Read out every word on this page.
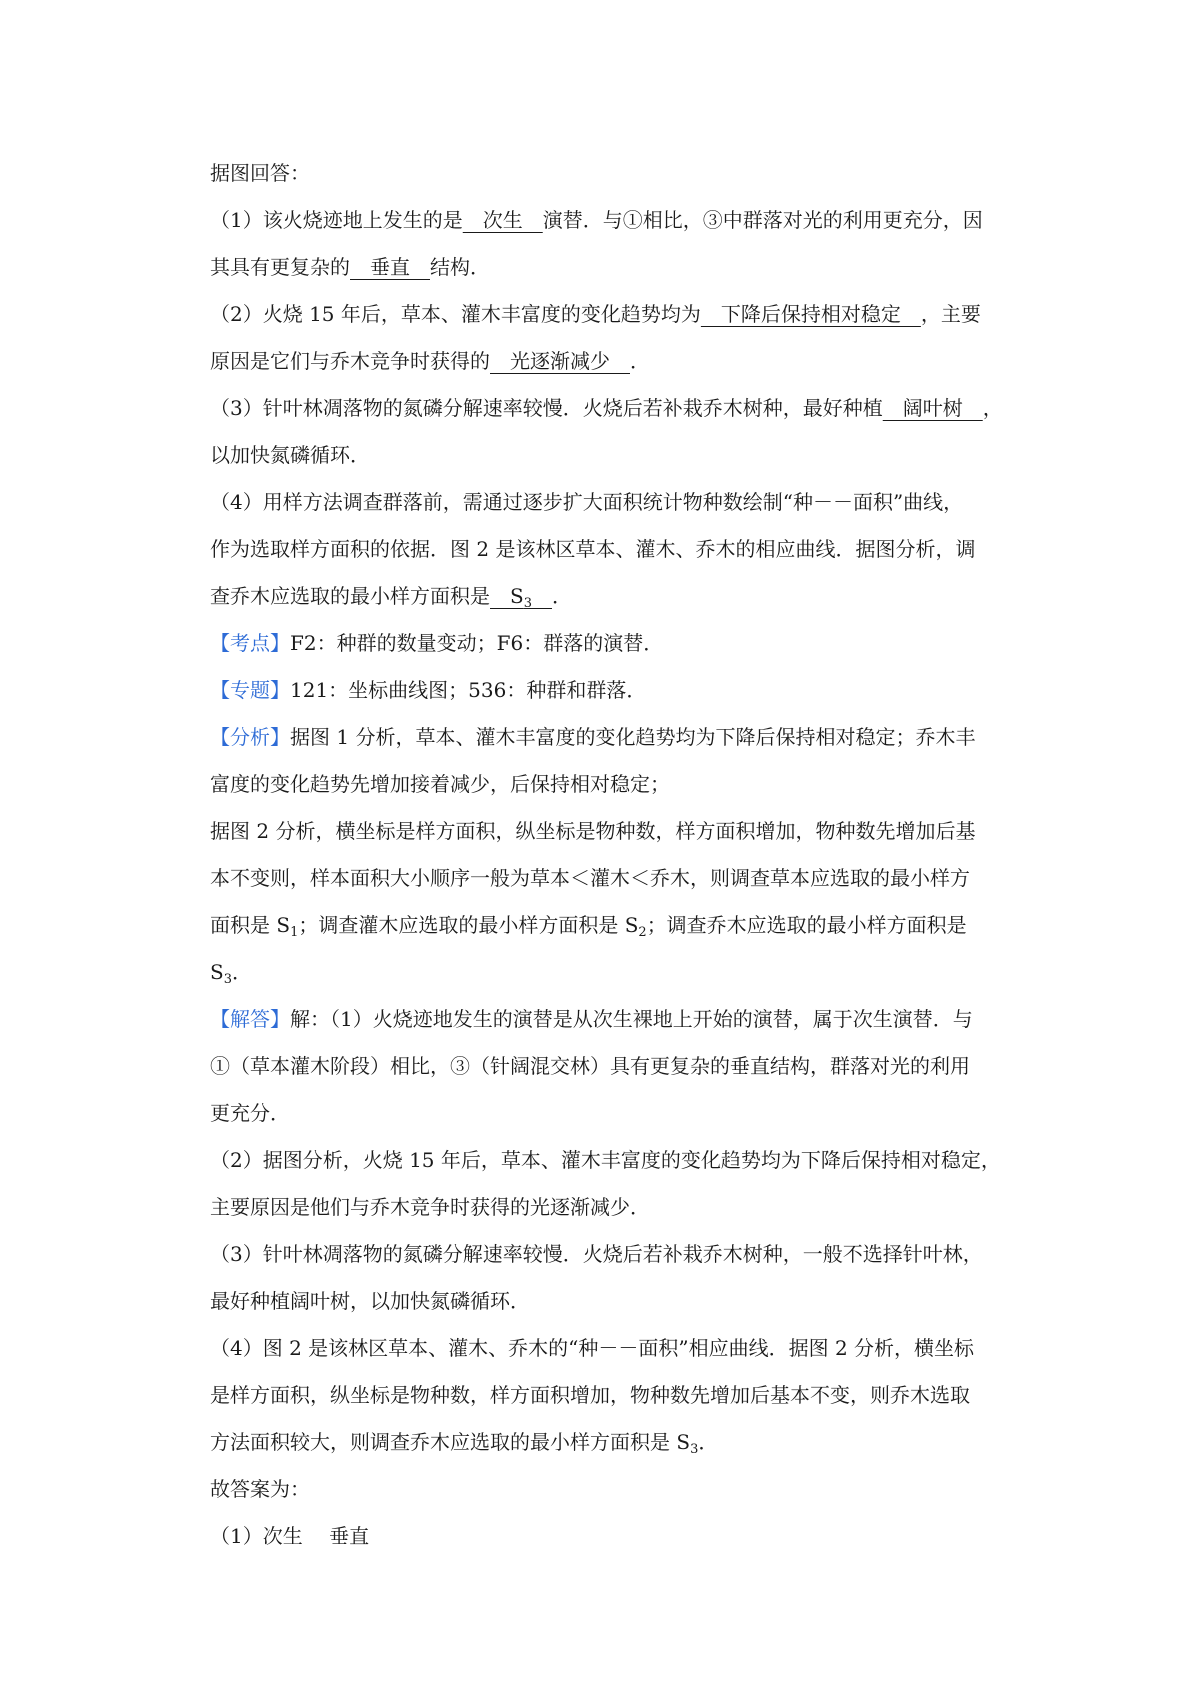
据图回答：
（1）该火烧迹地上发生的是　次生　演替．与①相比，③中群落对光的利用更充分，因
其具有更复杂的　垂直　结构．
（2）火烧 15 年后，草本、灌木丰富度的变化趋势均为　下降后保持相对稳定　，主要
原因是它们与乔木竞争时获得的　光逐渐减少　．
（3）针叶林凋落物的氮磷分解速率较慢．火烧后若补栽乔木树种，最好种植　阔叶树　，
以加快氮磷循环．
（4）用样方法调查群落前，需通过逐步扩大面积统计物种数绘制“种－－面积”曲线，
作为选取样方面积的依据．图 2 是该林区草本、灌木、乔木的相应曲线．据图分析，调
查乔木应选取的最小样方面积是　$S_3$　 ．
【考点】F2：种群的数量变动；F6：群落的演替．
【专题】121：坐标曲线图；536：种群和群落．
【分析】据图 1 分析，草本、灌木丰富度的变化趋势均为下降后保持相对稳定；乔木丰
富度的变化趋势先增加接着减少，后保持相对稳定；
据图 2 分析，横坐标是样方面积，纵坐标是物种数，样方面积增加，物种数先增加后基
本不变则，样本面积大小顺序一般为草本＜灌木＜乔木，则调查草本应选取的最小样方
面积是 $S_1$；调查灌木应选取的最小样方面积是 $S_2$；调查乔木应选取的最小样方面积是
$S_3$．
【解答】解：（1）火烧迹地发生的演替是从次生裸地上开始的演替，属于次生演替．与
①（草本灌木阶段）相比，③（针阔混交林）具有更复杂的垂直结构，群落对光的利用
更充分．
（2）据图分析，火烧 15 年后，草本、灌木丰富度的变化趋势均为下降后保持相对稳定，
主要原因是他们与乔木竞争时获得的光逐渐减少．
（3）针叶林凋落物的氮磷分解速率较慢．火烧后若补栽乔木树种，一般不选择针叶林，
最好种植阔叶树，以加快氮磷循环．
（4）图 2 是该林区草本、灌木、乔木的“种－－面积”相应曲线．据图 2 分析，横坐标
是样方面积，纵坐标是物种数，样方面积增加，物种数先增加后基本不变，则乔木选取
方法面积较大，则调查乔木应选取的最小样方面积是 $S_3$．
故答案为：
（1）次生　 垂直
